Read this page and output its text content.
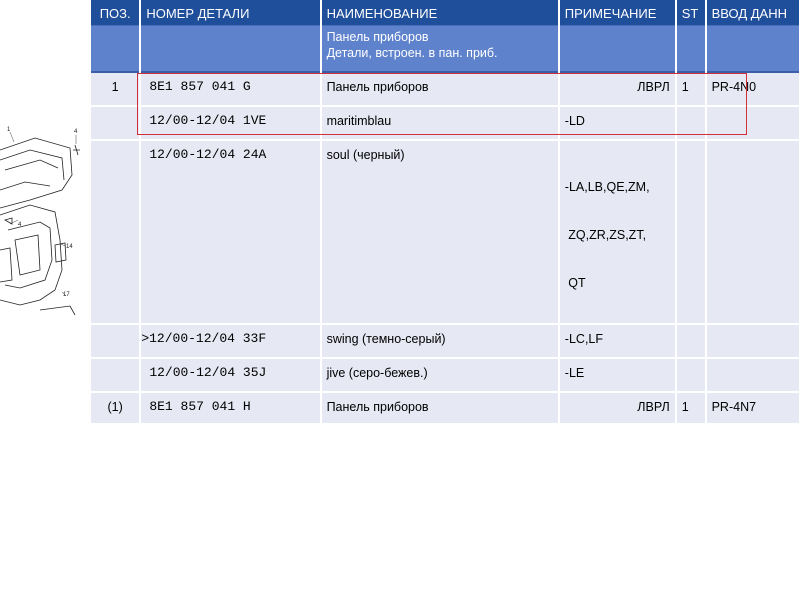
1	4
4
14
17
ПОЗ.	НОМЕР ДЕТАЛИ	НАИМЕНОВАНИЕ	ПРИМЕЧАНИЕ	ST	ВВОД ДАНН

		Панель приборов
Детали, встроен. в пан. приб.			

1	8E1 857 041 G	Панель приборов	ЛВРЛ	1	PR-4N0
	12/00-12/04 1VE	maritimblau	-LD		
	12/00-12/04 24A	soul (черный)	-LA,LB,QE,ZM,

ZQ,ZR,ZS,ZT,

QT		

	>12/00-12/04 33F	swing (темно-серый)	-LC,LF		
	12/00-12/04 35J	jive (серо-бежев.)	-LE		
(1)	8E1 857 041 H	Панель приборов	ЛВРЛ	1	PR-4N7
